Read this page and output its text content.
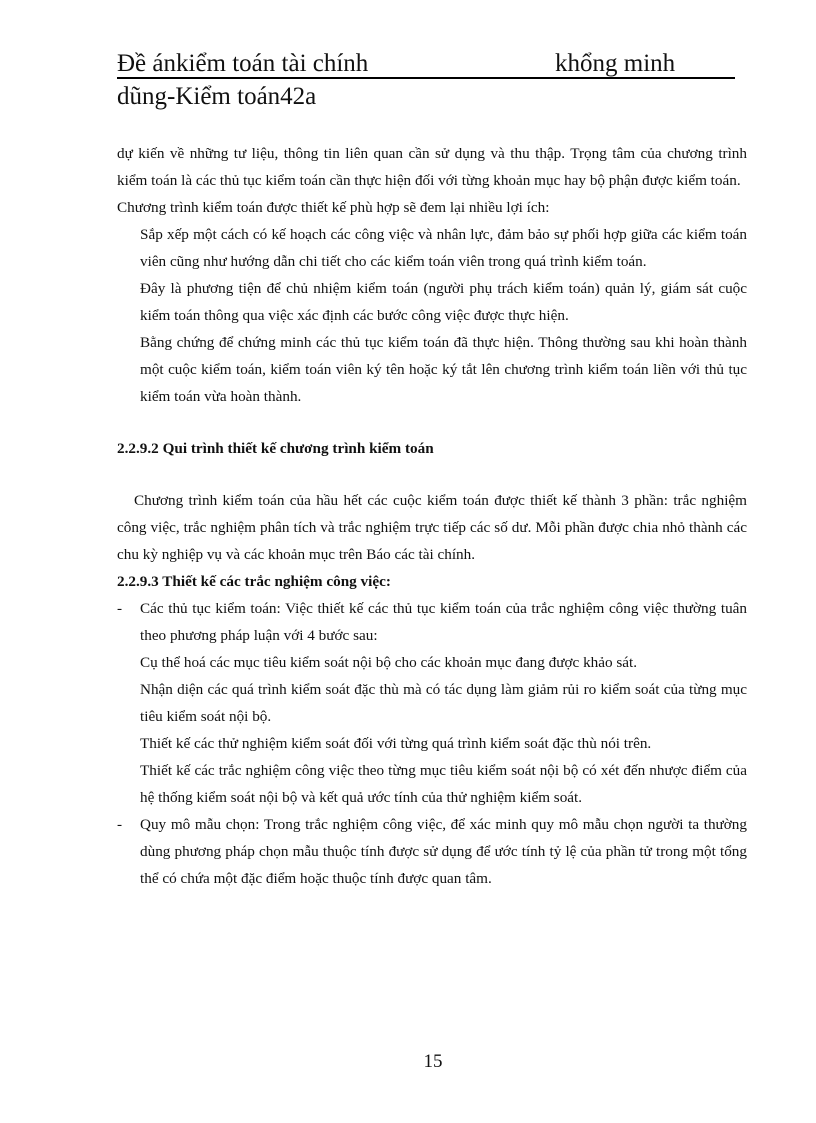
Đề ánkiểm toán tài chính	khổng minh
dũng-Kiểm toán42a

dự kiến về những tư liệu, thông tin liên quan cần sử dụng và thu thập. Trọng tâm của chương trình kiểm toán là các thủ tục kiểm toán cần thực hiện đối với từng khoản mục hay bộ phận được kiểm toán.

Chương trình kiểm toán được thiết kế phù hợp sẽ đem lại nhiều lợi ích:

Sắp xếp một cách có kế hoạch các công việc và nhân lực, đảm bảo sự phối hợp giữa các kiểm toán viên cũng như hướng dẫn chi tiết cho các kiểm toán viên trong quá trình kiểm toán.

Đây là phương tiện để chủ nhiệm kiểm toán (người phụ trách kiểm toán) quản lý, giám sát cuộc kiểm toán thông qua việc xác định các bước công việc được thực hiện.

Bằng chứng để chứng minh các thủ tục kiểm toán đã thực hiện. Thông thường sau khi hoàn thành một cuộc kiểm toán, kiểm toán viên ký tên hoặc ký tắt lên chương trình kiểm toán liền với thủ tục kiểm toán vừa hoàn thành.

2.2.9.2 Qui trình thiết kế chương trình kiểm toán

Chương trình kiểm toán của hầu hết các cuộc kiểm toán được thiết kế thành 3 phần: trắc nghiệm công việc, trắc nghiệm phân tích và trắc nghiệm trực tiếp các số dư. Mỗi phần được chia nhỏ thành các chu kỳ nghiệp vụ và các khoản mục trên Báo các tài chính.

2.2.9.3 Thiết kế các trắc nghiệm công việc:

-	Các thủ tục kiểm toán: Việc thiết kế các thủ tục kiểm toán của trắc nghiệm công việc thường tuân theo phương pháp luận với 4 bước sau:

Cụ thể hoá các mục tiêu kiểm soát nội bộ cho các khoản mục đang được khảo sát.

Nhận diện các quá trình kiểm soát đặc thù mà có tác dụng làm giảm rủi ro kiểm soát của từng mục tiêu kiểm soát nội bộ.

Thiết kế các thử nghiệm kiểm soát đối với từng quá trình kiểm soát đặc thù nói trên.

Thiết kế các trắc nghiệm công việc theo từng mục tiêu kiểm soát nội bộ có xét đến nhược điểm của hệ thống kiểm soát nội bộ và kết quả ước tính của thử nghiệm kiểm soát.

-	Quy mô mẫu chọn: Trong trắc nghiệm công việc, để xác minh quy mô mẫu chọn người ta thường dùng phương pháp chọn mẫu thuộc tính được sử dụng để ước tính tỷ lệ của phần tử trong một tổng thể có chứa một đặc điểm hoặc thuộc tính được quan tâm.
15
